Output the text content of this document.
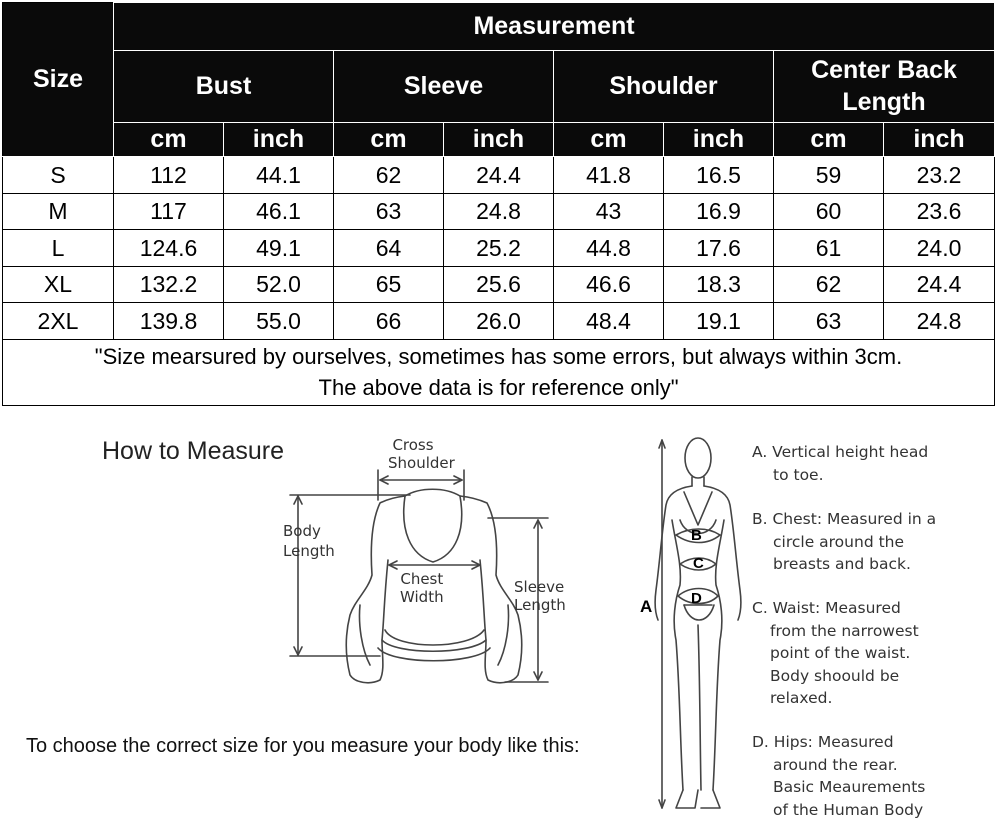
Size	Measurement							
	Bust		Sleeve		Shoulder		Center Back Length	
	cm	inch	cm	inch	cm	inch	cm	inch
S	112	44.1	62	24.4	41.8	16.5	59	23.2
M	117	46.1	63	24.8	43	16.9	60	23.6
L	124.6	49.1	64	25.2	44.8	17.6	61	24.0
XL	132.2	52.0	65	25.6	46.6	18.3	62	24.4
2XL	139.8	55.0	66	26.0	48.4	19.1	63	24.8

"Size mearsured by ourselves, sometimes has some errors, but always within 3cm.
The above data is for reference only"								
How to Measure	Cross
Shoulder
Body
Length
Chest
Width
Sleeve
Length	A
B
C
D
A. Vertical height head
to toe.
B. Chest: Measured in a
circle around the
breasts and back.
C. Waist: Measured
from the narrowest
point of the waist.
Body shoould be
relaxed.
D. Hips: Measured
around the rear.
Basic Meaurements
of the Human Body
To choose the correct size for you measure your body like this:
